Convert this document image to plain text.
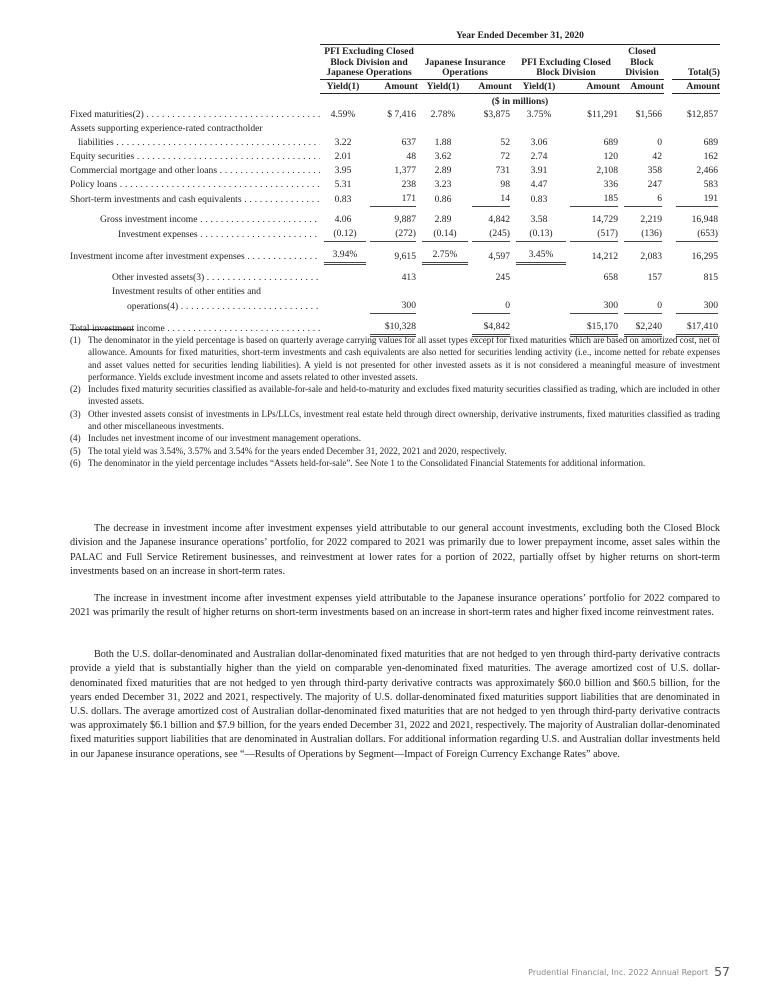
	Year Ended December 31, 2020								

	PFI Excluding Closed Block Division and Japanese Operations		Japanese Insurance Operations		PFI Excluding Closed Block Division		Closed Block Division		Total(5)
	Yield(1)	Amount	Yield(1)	Amount	Yield(1)	Amount	Amount		Amount
	($ in millions)								
Fixed maturities(2) . . .	4.59%	$ 7,416	2.78%	$3,875	3.75%	$11,291	$1,566		$12,857
Assets supporting experience-rated contractholder									
liabilities . . .	3.22	637	1.88	52	3.06	689	0		689
Equity securities . . .	2.01	48	3.62	72	2.74	120	42		162
Commercial mortgage and other loans . . .	3.95	1,377	2.89	731	3.91	2,108	358		2,466
Policy loans . . .	5.31	238	3.23	98	4.47	336	247		583
Short-term investments and cash equivalents . . .	0.83	171	0.86	14	0.83	185	6		191

Gross investment income . . .	4.06	9,887	2.89	4,842	3.58	14,729	2,219		16,948
Investment expenses . . .	(0.12)	(272)	(0.14)	(245)	(0.13)	(517)	(136)		(653)

Investment income after investment expenses . . .	3.94%	9,615	2.75%	4,597	3.45%	14,212	2,083		16,295

Other invested assets(3) . . .		413		245		658	157		815
Investment results of other entities and									
operations(4) . . .		300		0		300	0		300

Total investment income . . .		$10,328		$4,842		$15,170	$2,240		$17,410
(1) The denominator in the yield percentage is based on quarterly average carrying values for all asset types except for fixed maturities which are based on amortized cost, net of allowance. Amounts for fixed maturities, short-term investments and cash equivalents are also netted for securities lending activity (i.e., income netted for rebate expenses and asset values netted for securities lending liabilities). A yield is not presented for other invested assets as it is not considered a meaningful measure of investment performance. Yields exclude investment income and assets related to other invested assets.
(2) Includes fixed maturity securities classified as available-for-sale and held-to-maturity and excludes fixed maturity securities classified as trading, which are included in other invested assets.
(3) Other invested assets consist of investments in LPs/LLCs, investment real estate held through direct ownership, derivative instruments, fixed maturities classified as trading and other miscellaneous investments.
(4) Includes net investment income of our investment management operations.
(5) The total yield was 3.54%, 3.57% and 3.54% for the years ended December 31, 2022, 2021 and 2020, respectively.
(6) The denominator in the yield percentage includes “Assets held-for-sale”. See Note 1 to the Consolidated Financial Statements for additional information.

The decrease in investment income after investment expenses yield attributable to our general account investments, excluding both the Closed Block division and the Japanese insurance operations’ portfolio, for 2022 compared to 2021 was primarily due to lower prepayment income, asset sales within the PALAC and Full Service Retirement businesses, and reinvestment at lower rates for a portion of 2022, partially offset by higher returns on short-term investments based on an increase in short-term rates.

The increase in investment income after investment expenses yield attributable to the Japanese insurance operations’ portfolio for 2022 compared to 2021 was primarily the result of higher returns on short-term investments based on an increase in short-term rates and higher fixed income reinvestment rates.

Both the U.S. dollar-denominated and Australian dollar-denominated fixed maturities that are not hedged to yen through third-party derivative contracts provide a yield that is substantially higher than the yield on comparable yen-denominated fixed maturities. The average amortized cost of U.S. dollar-denominated fixed maturities that are not hedged to yen through third-party derivative contracts was approximately $60.0 billion and $60.5 billion, for the years ended December 31, 2022 and 2021, respectively. The majority of U.S. dollar-denominated fixed maturities support liabilities that are denominated in U.S. dollars. The average amortized cost of Australian dollar-denominated fixed maturities that are not hedged to yen through third-party derivative contracts was approximately $6.1 billion and $7.9 billion, for the years ended December 31, 2022 and 2021, respectively. The majority of Australian dollar-denominated fixed maturities support liabilities that are denominated in Australian dollars. For additional information regarding U.S. and Australian dollar investments held in our Japanese insurance operations, see “—Results of Operations by Segment—Impact of Foreign Currency Exchange Rates” above.

Prudential Financial, Inc. 2022 Annual Report 57
